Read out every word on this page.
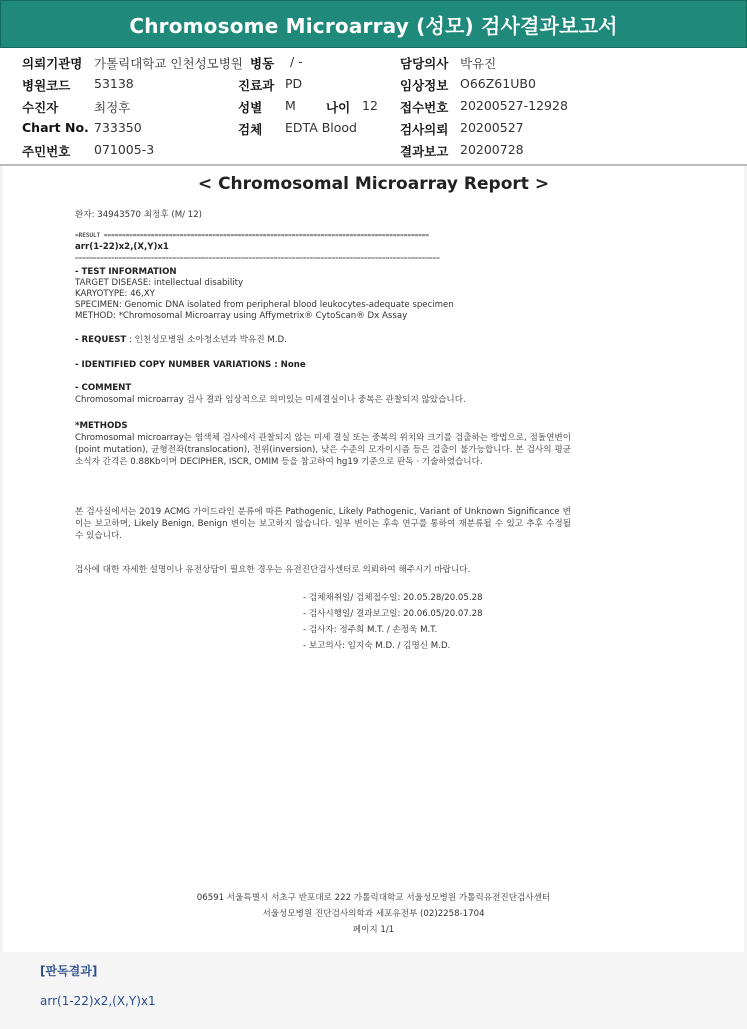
Chromosome Microarray (성모) 검사결과보고서
의뢰기관명 가톨릭대학교 인천성모병원 병동 / -	담당의사 박유진
병원코드 53138	진료과 PD	임상정보 O66Z61UB0
수진자	최정후	성별 M 나이 12 접수번호 20200527-12928
Chart No. 733350	검체 EDTA Blood	검사의뢰 20200527
주민번호 071005-3	결과보고 20200728
< Chromosomal Microarray Report >
환자: 34943570 최정후 (M/ 12)
=RESULT ==========================================================================================
arr(1-22)x2,(X,Y)x1
=====================================================================================================
- TEST INFORMATION
TARGET DISEASE: intellectual disability
KARYOTYPE: 46,XY
SPECIMEN: Genomic DNA isolated from peripheral blood leukocytes-adequate specimen
METHOD: *Chromosomal Microarray using Affymetrix® CytoScan® Dx Assay
- REQUEST : 인천성모병원 소아청소년과 박유진 M.D.
- IDENTIFIED COPY NUMBER VARIATIONS : None
- COMMENT
Chromosomal microarray 검사 결과 임상적으로 의미있는 미세결실이나 중복은 관찰되지 않았습니다.
*METHODS
Chromosomal microarray는 염색체 검사에서 관찰되지 않는 미세 결실 또는 중복의 위치와 크기를 검출하는 방법으로, 점돌연변이(point mutation), 균형전좌(translocation), 전위(inversion), 낮은 수준의 모자이시즘 등은 검출이 불가능합니다. 본 검사의 평균 소식자 간격은 0.88Kb이며 DECIPHER, ISCR, OMIM 등을 참고하여 hg19 기준으로 판독 · 기술하였습니다.
본 검사실에서는 2019 ACMG 가이드라인 분류에 따른 Pathogenic, Likely Pathogenic, Variant of Unknown Significance 변이는 보고하며, Likely Benign, Benign 변이는 보고하지 않습니다. 일부 변이는 후속 연구를 통하여 재분류될 수 있고 추후 수정될 수 있습니다.
검사에 대한 자세한 설명이나 유전상담이 필요한 경우는 유전진단검사센터로 의뢰하여 해주시기 바랍니다.
- 검체채취일/ 검체접수일: 20.05.28/20.05.28
- 검사시행일/ 결과보고일: 20.06.05/20.07.28
- 검사자: 정주희 M.T. / 손정욱 M.T.
- 보고의사: 임지숙 M.D. / 김명신 M.D.
06591 서울특별시 서초구 반포대로 222 가톨릭대학교 서울성모병원 가톨릭유전진단검사센터
서울성모병원 진단검사의학과 세포유전부 (02)2258-1704
페이지 1/1
[판독결과]
arr(1-22)x2,(X,Y)x1
